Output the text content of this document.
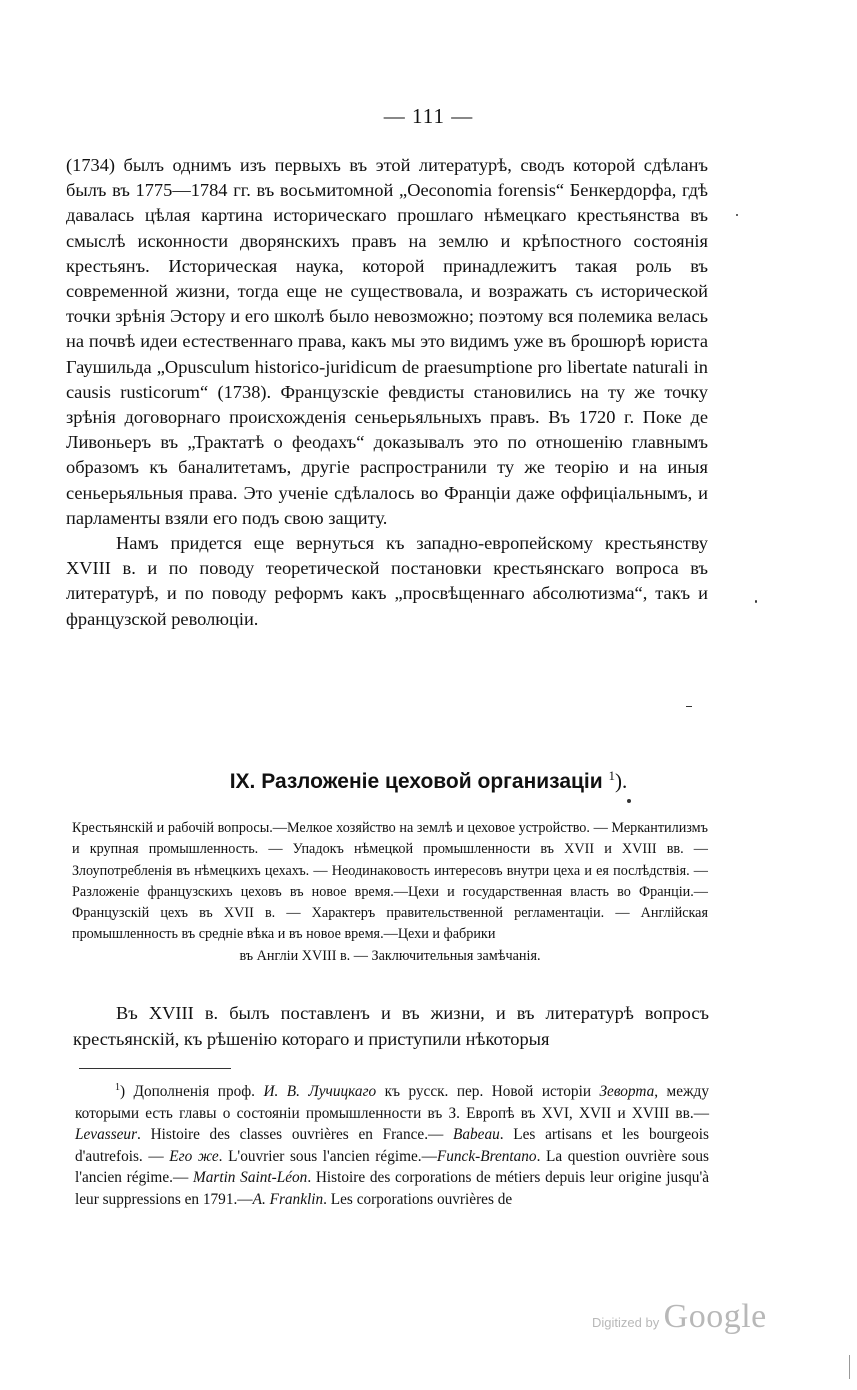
— 111 —

(1734) былъ однимъ изъ первыхъ въ этой литературѣ, сводъ которой сдѣланъ былъ въ 1775—1784 гг. въ восьмитомной „Oeconomia forensis“ Бенкердорфа, гдѣ давалась цѣлая картина историческаго прошлаго нѣмецкаго крестьянства въ смыслѣ исконности дворянскихъ правъ на землю и крѣпостного состоянія крестьянъ. Историческая наука, которой принадлежитъ такая роль въ современной жизни, тогда еще не существовала, и возражать съ исторической точки зрѣнія Эстору и его школѣ было невозможно; поэтому вся полемика велась на почвѣ идеи естественнаго права, какъ мы это видимъ уже въ брошюрѣ юриста Гаушильда „Opusculum historico-juridicum de praesumptione pro libertate naturali in causis rusticorum“ (1738). Французскіе февдисты становились на ту же точку зрѣнія договорнаго происхожденія сеньерьяльныхъ правъ. Въ 1720 г. Поке де Ливоньеръ въ „Трактатѣ о феодахъ“ доказывалъ это по отношенію главнымъ образомъ къ баналитетамъ, другіе распространили ту же теорію и на иныя сеньерьяльныя права. Это ученіе сдѣлалось во Франціи даже оффиціальнымъ, и парламенты взяли его подъ свою защиту.

Намъ придется еще вернуться къ западно-европейскому крестьянству XVIII в. и по поводу теоретической постановки крестьянскаго вопроса въ литературѣ, и по поводу реформъ какъ „просвѣщеннаго абсолютизма“, такъ и французской революціи.

IX. Разложеніе цеховой организаціи $^1$).
Крестьянскій и рабочій вопросы.—Мелкое хозяйство на землѣ и цеховое устройство. — Меркантилизмъ и крупная промышленность. — Упадокъ нѣмецкой промышленности въ XVII и XVIII вв. — Злоупотребленія въ нѣмецкихъ цехахъ. — Неодинаковость интересовъ внутри цеха и ея послѣдствія. — Разложеніе французскихъ цеховъ въ новое время.—Цехи и государственная власть во Франціи.— Французскій цехъ въ XVII в. — Характеръ правительственной регламентаціи. — Англійская промышленность въ средніе вѣка и въ новое время.—Цехи и фабрики
въ Англіи XVIII в. — Заключительныя замѣчанія.

Въ XVIII в. былъ поставленъ и въ жизни, и въ литературѣ вопросъ крестьянскій, къ рѣшенію котораго и приступили нѣкоторыя

$^1$) Дополненія проф. И. В. Лучицкаго къ русск. пер. Новой исторіи Зеворта, между которыми есть главы о состояніи промышленности въ З. Европѣ въ XVI, XVII и XVIII вв.—Levasseur. Histoire des classes ouvrières en France.— Babeau. Les artisans et les bourgeois d'autrefois. — Его же. L'ouvrier sous l'ancien régime.—Funck-Brentano. La question ouvrière sous l'ancien régime.— Martin Saint-Léon. Histoire des corporations de métiers depuis leur origine jusqu'à leur suppressions en 1791.—A. Franklin. Les corporations ouvrières de

Digitized by Google
